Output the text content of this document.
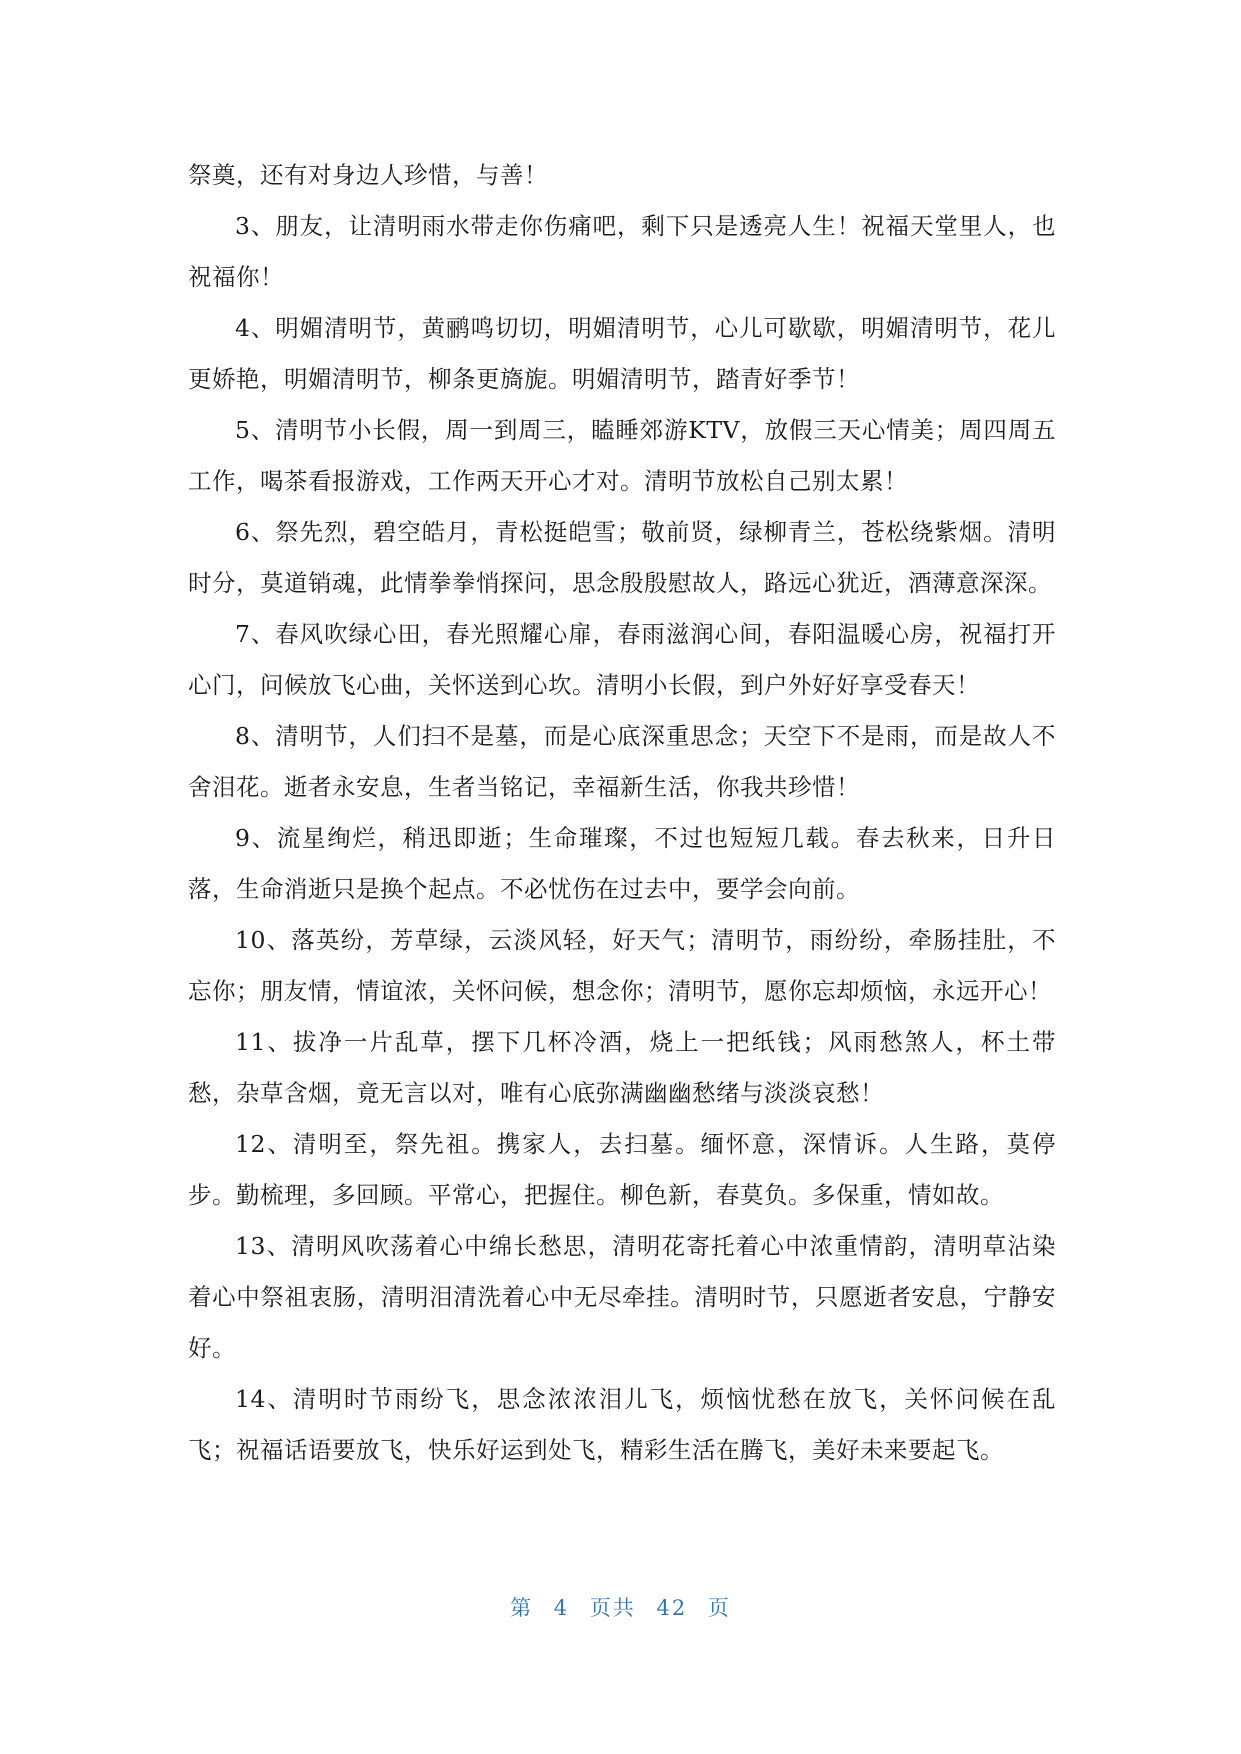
祭奠，还有对身边人珍惜，与善！

3、朋友，让清明雨水带走你伤痛吧，剩下只是透亮人生！祝福天堂里人，也祝福你！

4、明媚清明节，黄鹂鸣切切，明媚清明节，心儿可歇歇，明媚清明节，花儿更娇艳，明媚清明节，柳条更旖旎。明媚清明节，踏青好季节！

5、清明节小长假，周一到周三，瞌睡郊游KTV，放假三天心情美；周四周五工作，喝茶看报游戏，工作两天开心才对。清明节放松自己别太累！

6、祭先烈，碧空皓月，青松挺皑雪；敬前贤，绿柳青兰，苍松绕紫烟。清明时分，莫道销魂，此情拳拳悄探问，思念殷殷慰故人，路远心犹近，酒薄意深深。

7、春风吹绿心田，春光照耀心扉，春雨滋润心间，春阳温暖心房，祝福打开心门，问候放飞心曲，关怀送到心坎。清明小长假，到户外好好享受春天！

8、清明节，人们扫不是墓，而是心底深重思念；天空下不是雨，而是故人不舍泪花。逝者永安息，生者当铭记，幸福新生活，你我共珍惜！

9、流星绚烂，稍迅即逝；生命璀璨，不过也短短几载。春去秋来，日升日落，生命消逝只是换个起点。不必忧伤在过去中，要学会向前。

10、落英纷，芳草绿，云淡风轻，好天气；清明节，雨纷纷，牵肠挂肚，不忘你；朋友情，情谊浓，关怀问候，想念你；清明节，愿你忘却烦恼，永远开心！

11、拔净一片乱草，摆下几杯冷酒，烧上一把纸钱；风雨愁煞人，杯土带愁，杂草含烟，竟无言以对，唯有心底弥满幽幽愁绪与淡淡哀愁！

12、清明至，祭先祖。携家人，去扫墓。缅怀意，深情诉。人生路，莫停步。勤梳理，多回顾。平常心，把握住。柳色新，春莫负。多保重，情如故。

13、清明风吹荡着心中绵长愁思，清明花寄托着心中浓重情韵，清明草沾染着心中祭祖衷肠，清明泪清洗着心中无尽牵挂。清明时节，只愿逝者安息，宁静安好。

14、清明时节雨纷飞，思念浓浓泪儿飞，烦恼忧愁在放飞，关怀问候在乱飞；祝福话语要放飞，快乐好运到处飞，精彩生活在腾飞，美好未来要起飞。

第 4 页共 42 页
